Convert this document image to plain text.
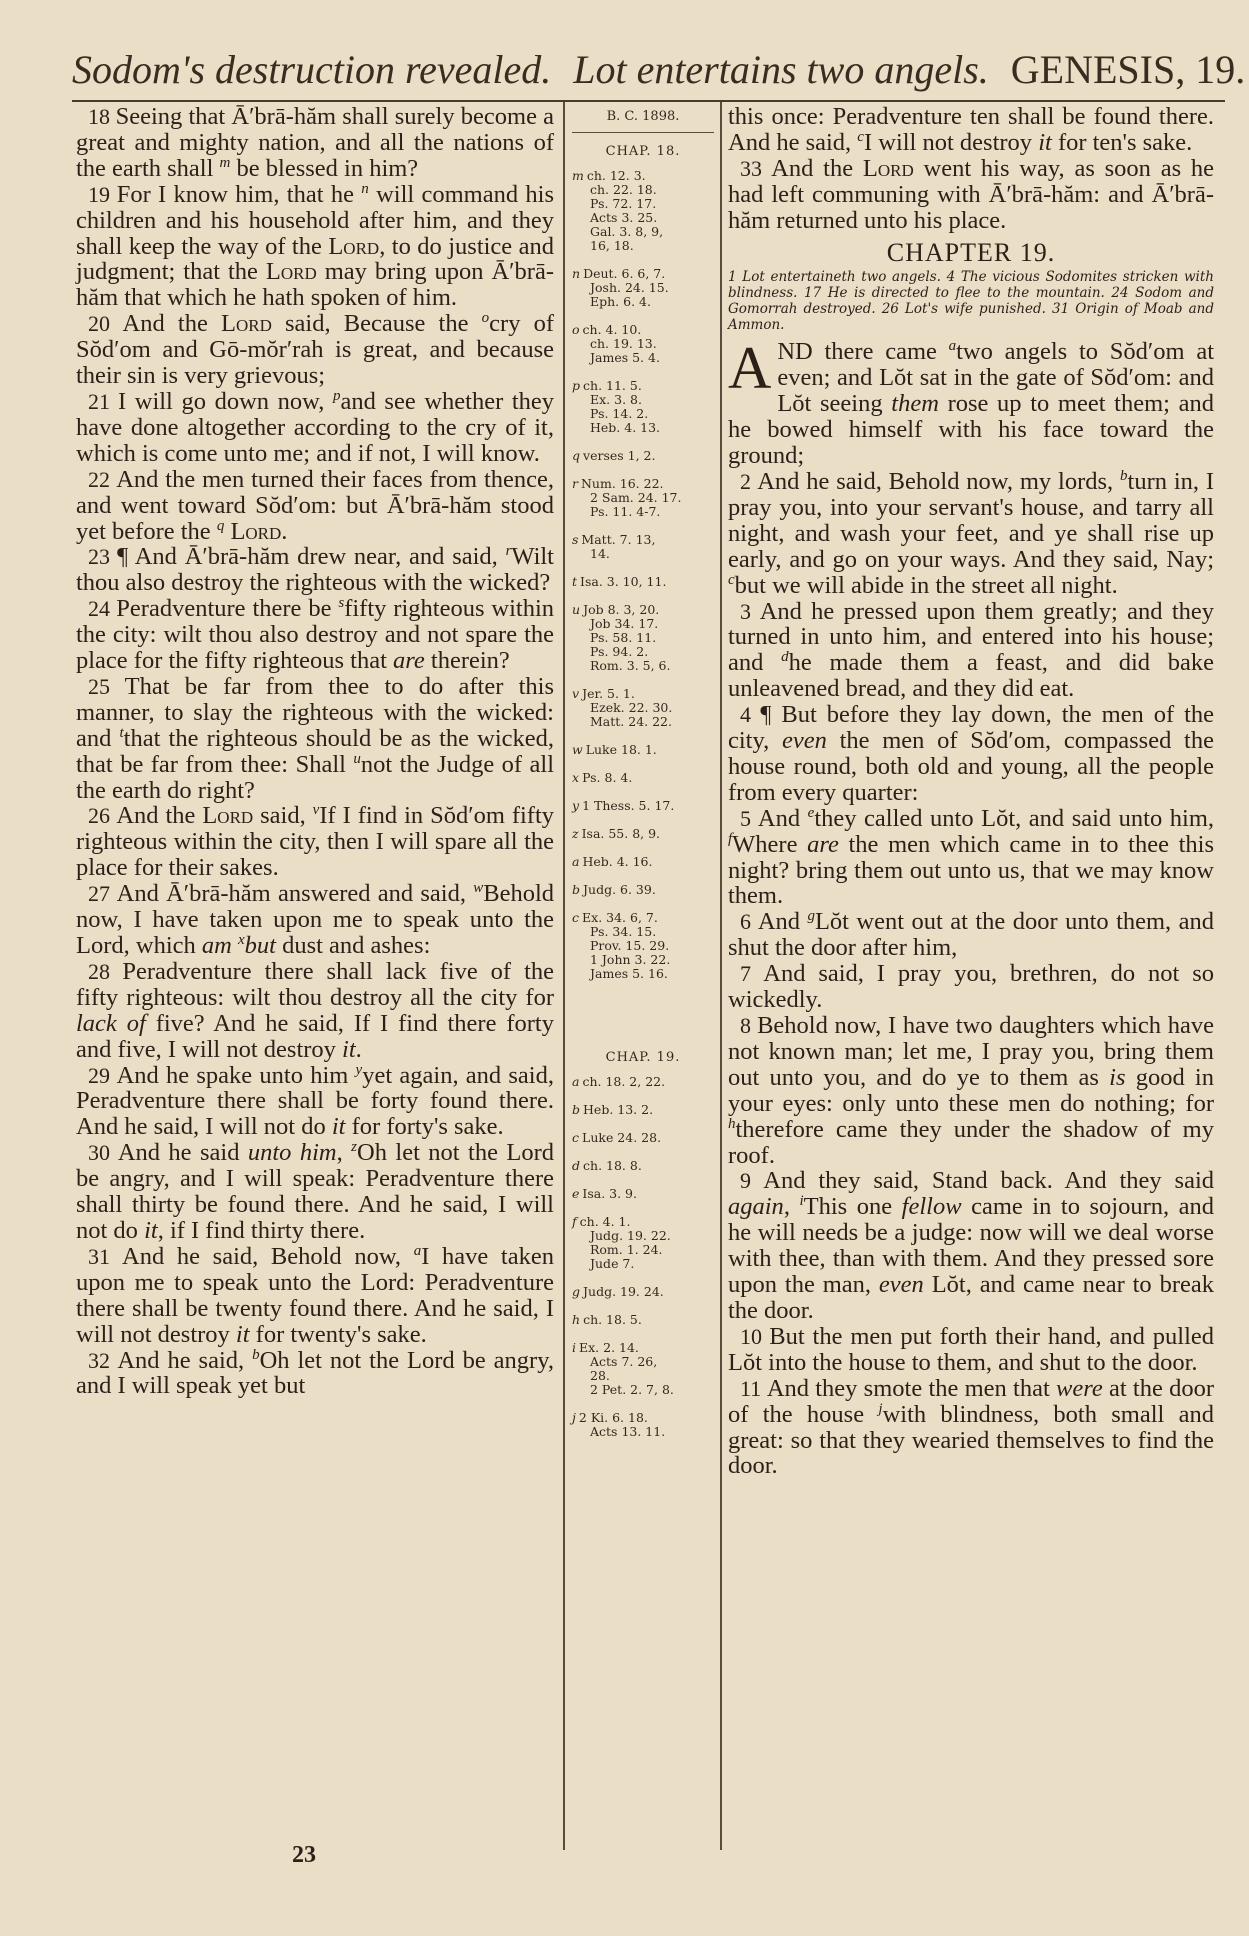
Sodom's destruction revealed. Lot entertains two angels. GENESIS, 19.
18 Seeing that Ā′brā-hăm shall surely become a great and mighty nation, and all the nations of the earth shall $^m$ be blessed in him?
19 For I know him, that he $^n$ will command his children and his household after him, and they shall keep the way of the Lord, to do justice and judgment; that the Lord may bring upon Ā′brā-hăm that which he hath spoken of him.
20 And the Lord said, Because the $^o$cry of Sŏd′om and Gō-mŏr′rah is great, and because their sin is very grievous;
21 I will go down now, $^p$and see whether they have done altogether according to the cry of it, which is come unto me; and if not, I will know.
22 And the men turned their faces from thence, and went toward Sŏd′om: but Ā′brā-hăm stood yet before the $^q$ Lord.
23 ¶ And Ā′brā-hăm drew near, and said, $^r$Wilt thou also destroy the righteous with the wicked?
24 Peradventure there be $^s$fifty righteous within the city: wilt thou also destroy and not spare the place for the fifty righteous that are therein?
25 That be far from thee to do after this manner, to slay the righteous with the wicked: and $^t$that the righteous should be as the wicked, that be far from thee: Shall $^u$not the Judge of all the earth do right?
26 And the Lord said, $^v$If I find in Sŏd′om fifty righteous within the city, then I will spare all the place for their sakes.
27 And Ā′brā-hăm answered and said, $^w$Behold now, I have taken upon me to speak unto the Lord, which am $^x$but dust and ashes:
28 Peradventure there shall lack five of the fifty righteous: wilt thou destroy all the city for lack of five? And he said, If I find there forty and five, I will not destroy it.
29 And he spake unto him $^y$yet again, and said, Peradventure there shall be forty found there. And he said, I will not do it for forty's sake.
30 And he said unto him, $^z$Oh let not the Lord be angry, and I will speak: Peradventure there shall thirty be found there. And he said, I will not do it, if I find thirty there.
31 And he said, Behold now, $^a$I have taken upon me to speak unto the Lord: Peradventure there shall be twenty found there. And he said, I will not destroy it for twenty's sake.
32 And he said, $^b$Oh let not the Lord be angry, and I will speak yet but
B. C. 1898.
CHAP. 18.
m ch. 12. 3.

ch. 22. 18.
Ps. 72. 17.
Acts 3. 25.
Gal. 3. 8, 9,
16, 18.
n Deut. 6. 6, 7.

Josh. 24. 15.
Eph. 6. 4.
o ch. 4. 10.

ch. 19. 13.
James 5. 4.
p ch. 11. 5.

Ex. 3. 8.
Ps. 14. 2.
Heb. 4. 13.
q verses 1, 2.

r Num. 16. 22.

2 Sam. 24. 17.
Ps. 11. 4-7.
s Matt. 7. 13,

14.
t Isa. 3. 10, 11.

u Job 8. 3, 20.

Job 34. 17.
Ps. 58. 11.
Ps. 94. 2.
Rom. 3. 5, 6.
v Jer. 5. 1.

Ezek. 22. 30.
Matt. 24. 22.
w Luke 18. 1.

x Ps. 8. 4.

y 1 Thess. 5. 17.

z Isa. 55. 8, 9.

a Heb. 4. 16.

b Judg. 6. 39.

c Ex. 34. 6, 7.

Ps. 34. 15.
Prov. 15. 29.
1 John 3. 22.
James 5. 16.
CHAP. 19.
a ch. 18. 2, 22.

b Heb. 13. 2.

c Luke 24. 28.

d ch. 18. 8.

e Isa. 3. 9.

f ch. 4. 1.

Judg. 19. 22.
Rom. 1. 24.
Jude 7.
g Judg. 19. 24.

h ch. 18. 5.

i Ex. 2. 14.

Acts 7. 26,
28.
2 Pet. 2. 7, 8.
j 2 Ki. 6. 18.

Acts 13. 11.
this once: Peradventure ten shall be found there. And he said, $^c$I will not destroy it for ten's sake.
33 And the Lord went his way, as soon as he had left communing with Ā′brā-hăm: and Ā′brā-hăm returned unto his place.
CHAPTER 19.
1 Lot entertaineth two angels. 4 The vicious Sodomites stricken with blindness. 17 He is directed to flee to the mountain. 24 Sodom and Gomorrah destroyed. 26 Lot's wife punished. 31 Origin of Moab and Ammon.
AND there came $^a$two angels to Sŏd′om at even; and Lŏt sat in the gate of Sŏd′om: and Lŏt seeing them rose up to meet them; and he bowed himself with his face toward the ground;
2 And he said, Behold now, my lords, $^b$turn in, I pray you, into your servant's house, and tarry all night, and wash your feet, and ye shall rise up early, and go on your ways. And they said, Nay; $^c$but we will abide in the street all night.
3 And he pressed upon them greatly; and they turned in unto him, and entered into his house; and $^d$he made them a feast, and did bake unleavened bread, and they did eat.
4 ¶ But before they lay down, the men of the city, even the men of Sŏd′om, compassed the house round, both old and young, all the people from every quarter:
5 And $^e$they called unto Lŏt, and said unto him, $^f$Where are the men which came in to thee this night? bring them out unto us, that we may know them.
6 And $^g$Lŏt went out at the door unto them, and shut the door after him,
7 And said, I pray you, brethren, do not so wickedly.
8 Behold now, I have two daughters which have not known man; let me, I pray you, bring them out unto you, and do ye to them as is good in your eyes: only unto these men do nothing; for $^h$therefore came they under the shadow of my roof.
9 And they said, Stand back. And they said again, $^i$This one fellow came in to sojourn, and he will needs be a judge: now will we deal worse with thee, than with them. And they pressed sore upon the man, even Lŏt, and came near to break the door.
10 But the men put forth their hand, and pulled Lŏt into the house to them, and shut to the door.
11 And they smote the men that were at the door of the house $^j$with blindness, both small and great: so that they wearied themselves to find the door.
23
